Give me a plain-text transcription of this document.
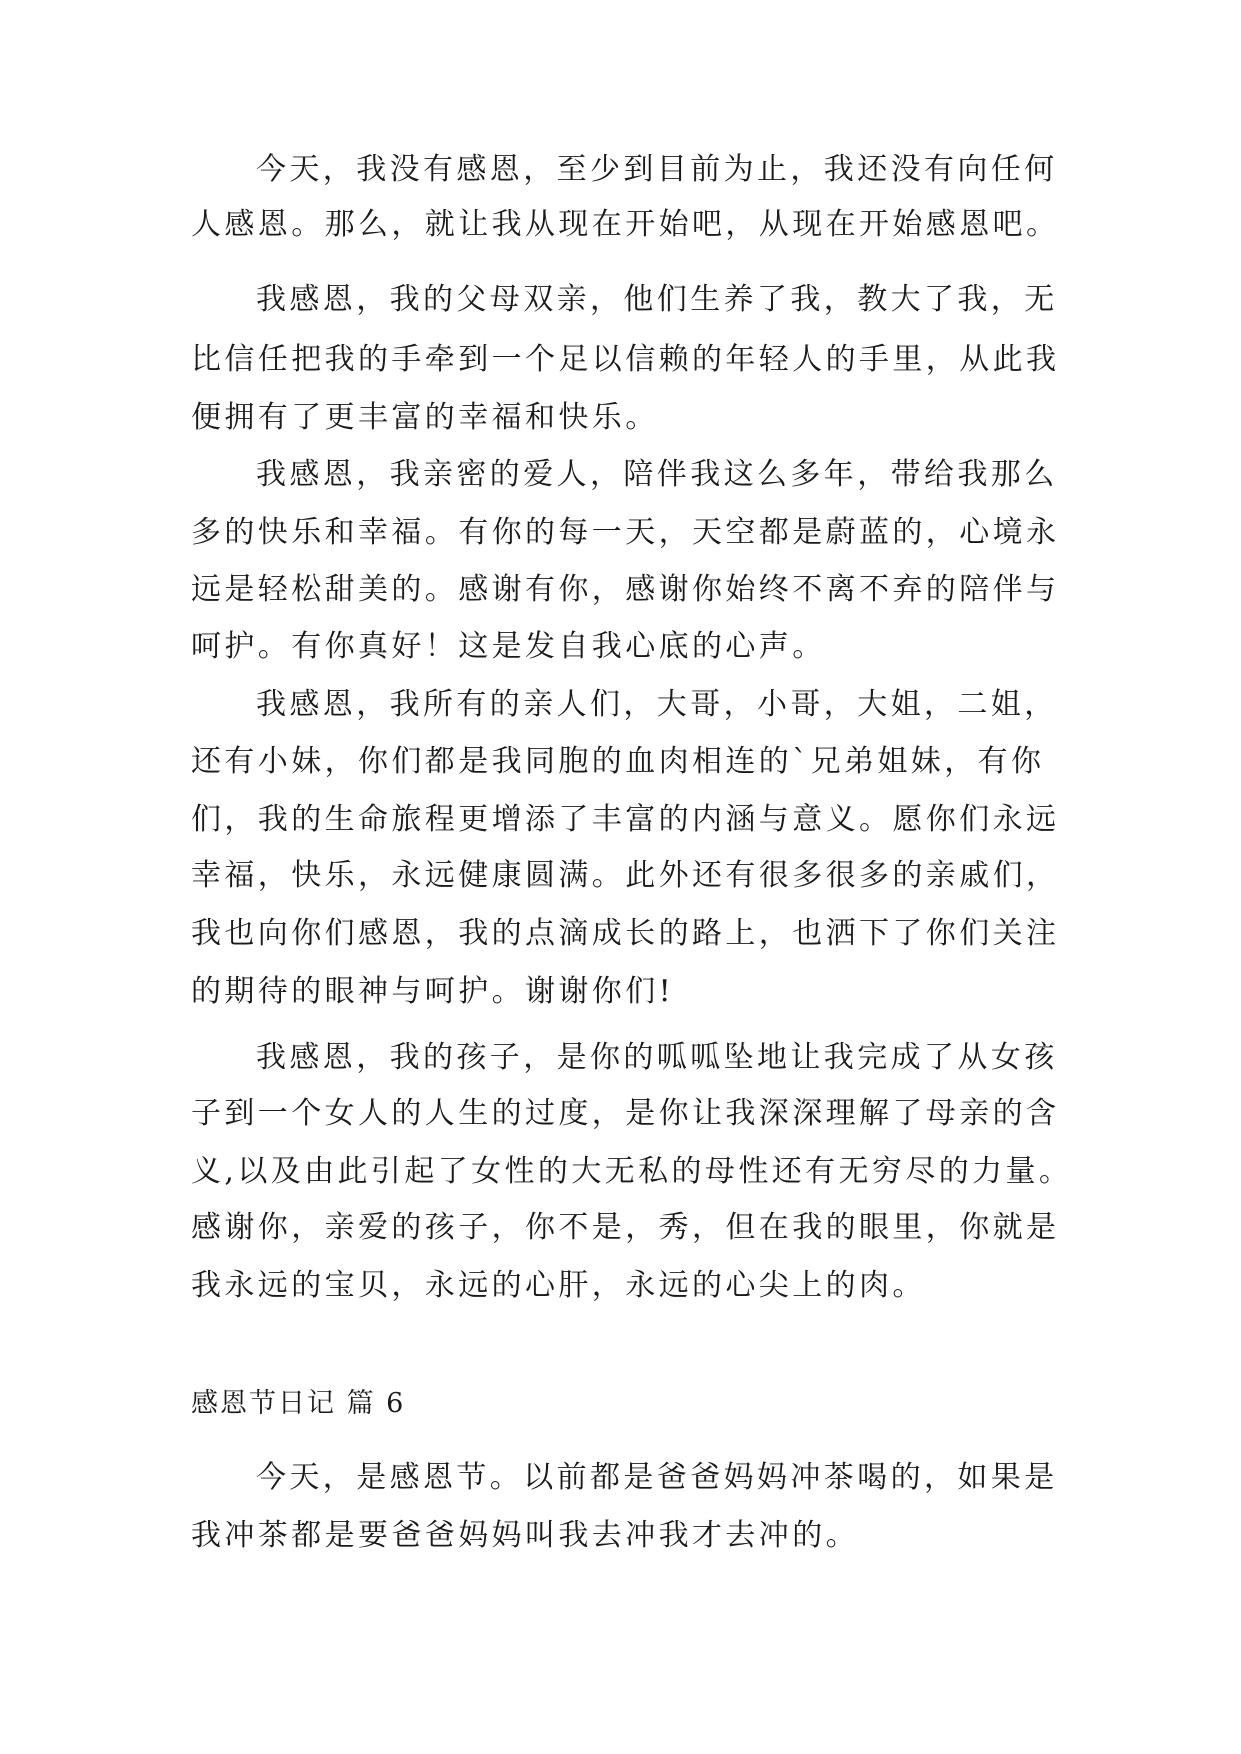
今天，我没有感恩，至少到目前为止，我还没有向任何
人感恩。那么，就让我从现在开始吧，从现在开始感恩吧。
我感恩，我的父母双亲，他们生养了我，教大了我，无
比信任把我的手牵到一个足以信赖的年轻人的手里，从此我
便拥有了更丰富的幸福和快乐。
我感恩，我亲密的爱人，陪伴我这么多年，带给我那么
多的快乐和幸福。有你的每一天，天空都是蔚蓝的，心境永
远是轻松甜美的。感谢有你，感谢你始终不离不弃的陪伴与
呵护。有你真好！这是发自我心底的心声。
我感恩，我所有的亲人们，大哥，小哥，大姐，二姐，
还有小妹，你们都是我同胞的血肉相连的`兄弟姐妹，有你
们，我的生命旅程更增添了丰富的内涵与意义。愿你们永远
幸福，快乐，永远健康圆满。此外还有很多很多的亲戚们，
我也向你们感恩，我的点滴成长的路上，也洒下了你们关注
的期待的眼神与呵护。谢谢你们!
我感恩，我的孩子，是你的呱呱坠地让我完成了从女孩
子到一个女人的人生的过度，是你让我深深理解了母亲的含
义,以及由此引起了女性的大无私的母性还有无穷尽的力量。
感谢你，亲爱的孩子，你不是，秀，但在我的眼里，你就是
我永远的宝贝，永远的心肝，永远的心尖上的肉。
感恩节日记 篇 6
今天，是感恩节。以前都是爸爸妈妈冲茶喝的，如果是
我冲茶都是要爸爸妈妈叫我去冲我才去冲的。
